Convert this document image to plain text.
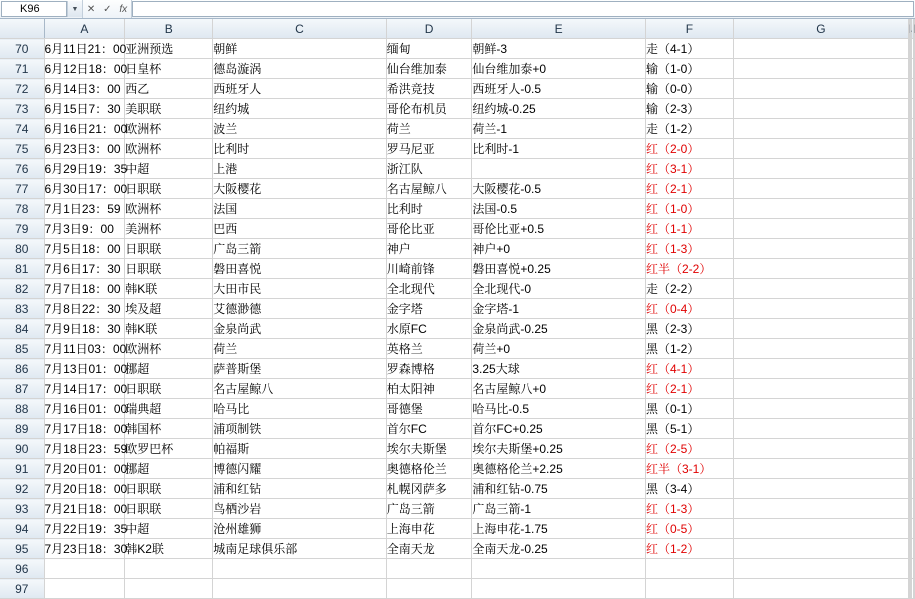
K96	▼ ✕ ✓ fx
	A	B	C	D	E	F	G					
70	6月11日21：00	亚洲预选	朝鲜	缅甸	朝鲜-3	走（4-1）						
71	6月12日18：00	日皇杯	德岛漩涡	仙台维加泰	仙台维加泰+0	输（1-0）						
72	6月14日3：00	西乙	西班牙人	希洪竞技	西班牙人-0.5	输（0-0）						
73	6月15日7：30	美职联	纽约城	哥伦布机员	纽约城-0.25	输（2-3）						
74	6月16日21：00	欧洲杯	波兰	荷兰	荷兰-1	走（1-2）						
75	6月23日3：00	欧洲杯	比利时	罗马尼亚	比利时-1	红（2-0）						
76	6月29日19：35	中超	上港	浙江队		红（3-1）						
77	6月30日17：00	日职联	大阪樱花	名古屋鲸八	大阪樱花-0.5	红（2-1）						
78	7月1日23：59	欧洲杯	法国	比利时	法国-0.5	红（1-0）						
79	7月3日9：00	美洲杯	巴西	哥伦比亚	哥伦比亚+0.5	红（1-1）						
80	7月5日18：00	日职联	广岛三箭	神户	神户+0	红（1-3）						
81	7月6日17：30	日职联	磐田喜悦	川崎前锋	磐田喜悦+0.25	红半（2-2）						
82	7月7日18：00	韩K联	大田市民	全北现代	全北现代-0	走（2-2）						
83	7月8日22：30	埃及超	艾德渺德	金字塔	金字塔-1	红（0-4）						
84	7月9日18：30	韩K联	金泉尚武	水原FC	金泉尚武-0.25	黑（2-3）						
85	7月11日03：00	欧洲杯	荷兰	英格兰	荷兰+0	黑（1-2）						
86	7月13日01：00	挪超	萨普斯堡	罗森博格	3.25大球	红（4-1）						
87	7月14日17：00	日职联	名古屋鲸八	柏太阳神	名古屋鲸八+0	红（2-1）						
88	7月16日01：00	瑞典超	哈马比	哥德堡	哈马比-0.5	黑（0-1）						
89	7月17日18：00	韩国杯	浦项制铁	首尔FC	首尔FC+0.25	黑（5-1）						
90	7月18日23：59	欧罗巴杯	帕福斯	埃尔夫斯堡	埃尔夫斯堡+0.25	红（2-5）						
91	7月20日01：00	挪超	博德闪耀	奥德格伦兰	奥德格伦兰+2.25	红半（3-1）						
92	7月20日18：00	日职联	浦和红钻	札幌冈萨多	浦和红钻-0.75	黑（3-4）						
93	7月21日18：00	日职联	鸟栖沙岩	广岛三箭	广岛三箭-1	红（1-3）						
94	7月22日19：35	中超	沧州雄狮	上海申花	上海申花-1.75	红（0-5）						
95	7月23日18：30	韩K2联	城南足球俱乐部	全南天龙	全南天龙-0.25	红（1-2）						
96												
97												
